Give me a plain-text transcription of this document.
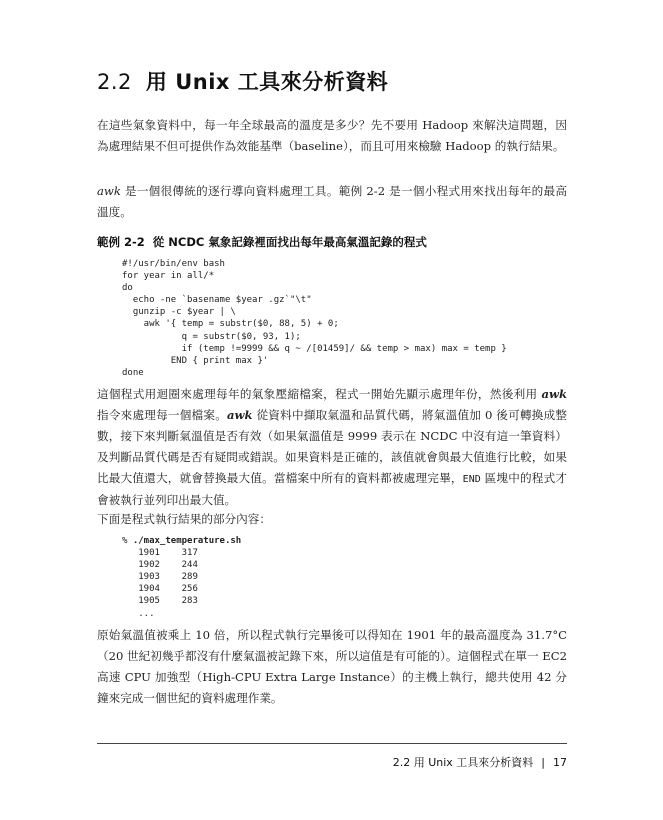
2.2 用 Unix 工具來分析資料

在這些氣象資料中，每一年全球最高的溫度是多少？先不要用 Hadoop 來解決這問題，因為處理結果不但可提供作為效能基準（baseline），而且可用來檢驗 Hadoop 的執行結果。

awk 是一個很傳統的逐行導向資料處理工具。範例 2-2 是一個小程式用來找出每年的最高溫度。

範例 2-2 從 NCDC 氣象記錄裡面找出每年最高氣溫記錄的程式
#!/usr/bin/env bash
for year in all/*
do
echo -ne `basename $year .gz`"\t"
gunzip -c $year | \
awk '{ temp = substr($0, 88, 5) + 0;
q = substr($0, 93, 1);
if (temp !=9999 && q ~ /[01459]/ && temp > max) max = temp }
END { print max }'
done

這個程式用迴圈來處理每年的氣象壓縮檔案，程式一開始先顯示處理年份，然後利用 awk 指令來處理每一個檔案。awk 從資料中擷取氣溫和品質代碼，將氣溫值加 0 後可轉換成整數，接下來判斷氣溫值是否有效（如果氣溫值是 9999 表示在 NCDC 中沒有這一筆資料）及判斷品質代碼是否有疑問或錯誤。如果資料是正確的，該值就會與最大值進行比較，如果比最大值還大，就會替換最大值。當檔案中所有的資料都被處理完畢，END 區塊中的程式才會被執行並列印出最大值。

下面是程式執行結果的部分內容：

% ./max_temperature.sh
1901 317
1902 244
1903 289
1904 256
1905 283
...

原始氣溫值被乘上 10 倍，所以程式執行完畢後可以得知在 1901 年的最高溫度為 31.7°C（20 世紀初幾乎都沒有什麼氣溫被記錄下來，所以這值是有可能的）。這個程式在單一 EC2 高速 CPU 加強型（High-CPU Extra Large Instance）的主機上執行，總共使用 42 分鐘來完成一個世紀的資料處理作業。

2.2 用 Unix 工具來分析資料 | 17
